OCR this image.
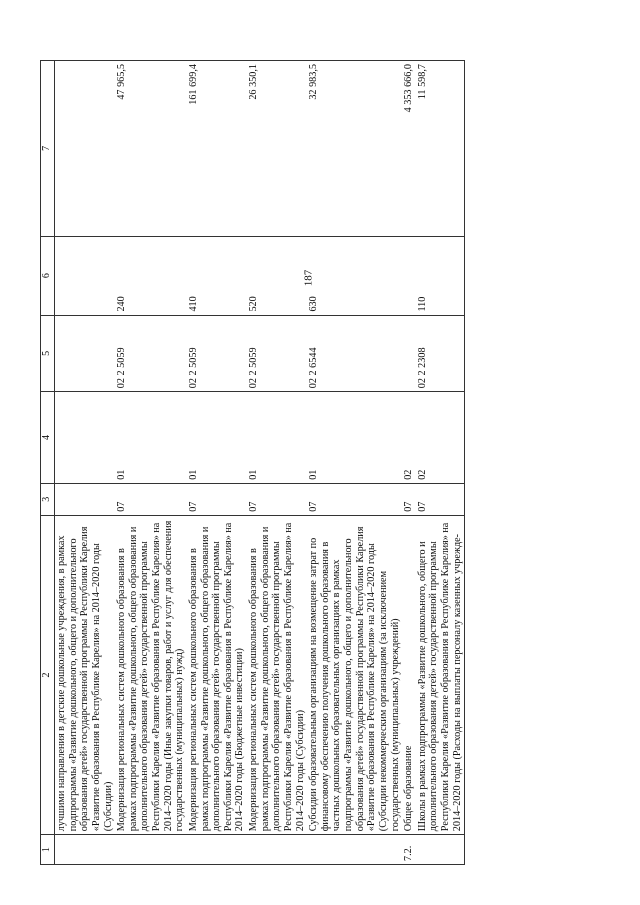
187
1	2	3	4	5	6	7
	лучшими направления в детские дошкольные учреждения, в рамках подпрограммы «Развитие дошкольного, общего и дополнительного образования детей» государственной программы Республики Карелия «Развитие образования в Республике Карелия» на 2014–2020 годы (Субсидии)					
	Модернизация региональных систем дошкольного образования в рамках подпрограммы «Развитие дошкольного, общего образования и дополнительного образования детей» государственной программы Республики Карелия «Развитие образования в Республике Карелия» на 2014–2020 годы (Иные закупки товаров, работ и услуг для обеспечения государственных (муниципальных) нужд)	07	01	02 2 5059	240	47 965,5
	Модернизация региональных систем дошкольного образования в рамках подпрограммы «Развитие дошкольного, общего образования и дополнительного образования детей» государственной программы Республики Карелия «Развитие образования в Республике Карелия» на 2014–2020 годы (Бюджетные инвестиции)	07	01	02 2 5059	410	161 699,4
	Модернизация региональных систем дошкольного образования в рамках подпрограммы «Развитие дошкольного, общего образования и дополнительного образования детей» государственной программы Республики Карелия «Развитие образования в Республике Карелия» на 2014–2020 годы (Субсидии)	07	01	02 2 5059	520	26 350,1
	Субсидии образовательным организациям на возмещение затрат по финансовому обеспечению получения дошкольного образования в частных дошкольных образовательных организациях в рамках подпрограммы «Развитие дошкольного, общего и дополнительного образования детей» государственной программы Республики Карелия «Развитие образования в Республике Карелия» на 2014–2020 годы (Субсидии некоммерческим организациям (за исключением государственных (муниципальных) учреждений)	07	01	02 2 6544	630	32 983,5
7.2.	Общее образование	07	02			4 353 666,0
	Школы в рамках подпрограммы «Развитие дошкольного, общего и дополнительного образования детей» государственной программы Республики Карелия «Развитие образования в Республике Карелия» на 2014–2020 годы (Расходы на выплаты персоналу казенных учрежде-	07	02	02 2 2308	110	11 598,7
